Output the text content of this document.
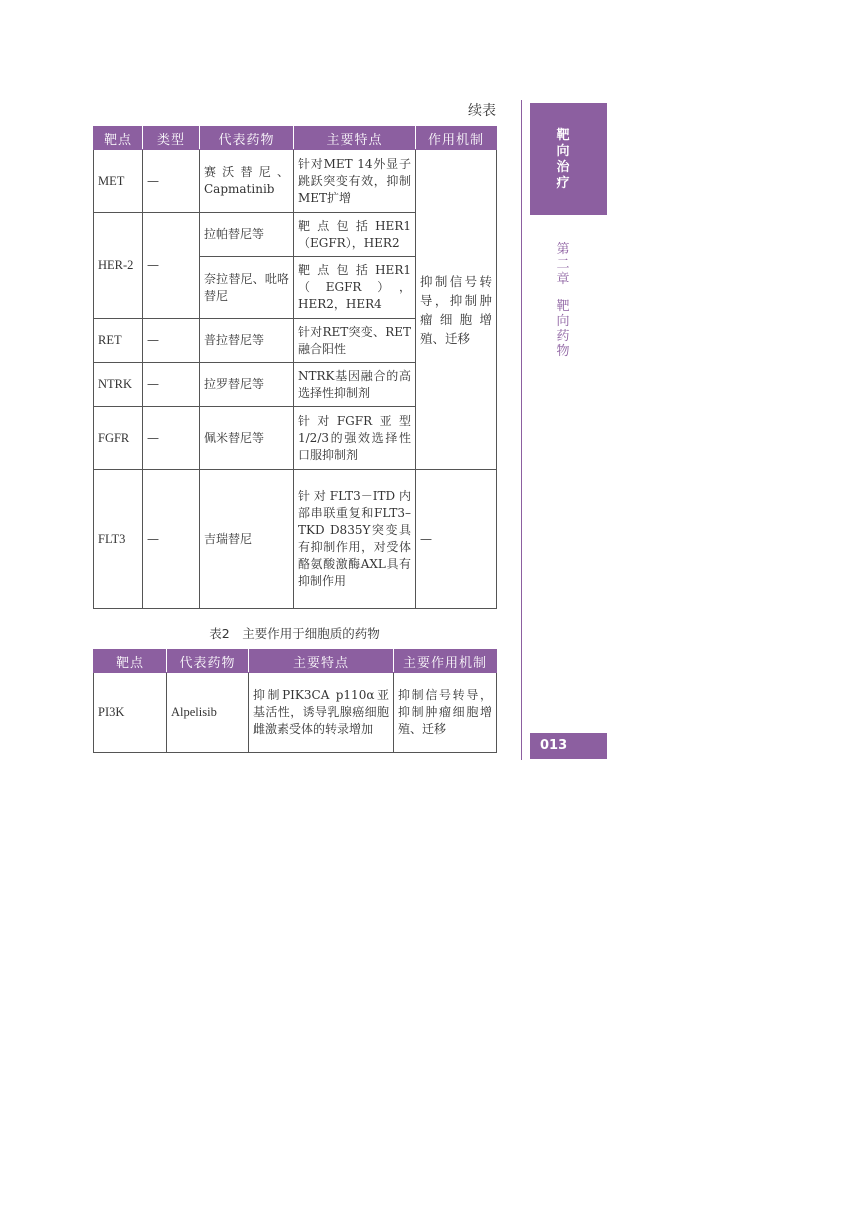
续表
靶点	类型	代表药物	主要特点	作用机制
MET	—	赛沃替尼、Capmatinib	针对MET 14外显子跳跃突变有效，抑制MET扩增	抑制信号转导，抑制肿瘤细胞增殖、迁移
HER-2	—	拉帕替尼等	靶点包括HER1（EGFR），HER2	
		奈拉替尼、吡咯替尼	靶点包括HER1（EGFR），HER2，HER4	
RET	—	普拉替尼等	针对RET突变、RET融合阳性	
NTRK	—	拉罗替尼等	NTRK基因融合的高选择性抑制剂	
FGFR	—	佩米替尼等	针对FGFR亚型1/2/3的强效选择性口服抑制剂	
FLT3	—	吉瑞替尼	针对FLT3－ITD内部串联重复和FLT3–TKD D835Y突变具有抑制作用，对受体酪氨酸激酶AXL具有抑制作用	—
表2　主要作用于细胞质的药物
靶点	代表药物	主要特点	主要作用机制
PI3K	Alpelisib	抑制PIK3CA p110α亚基活性，诱导乳腺癌细胞雌激素受体的转录增加	抑制信号转导，抑制肿瘤细胞增殖、迁移
靶向治疗
第二章
靶向药物
013
